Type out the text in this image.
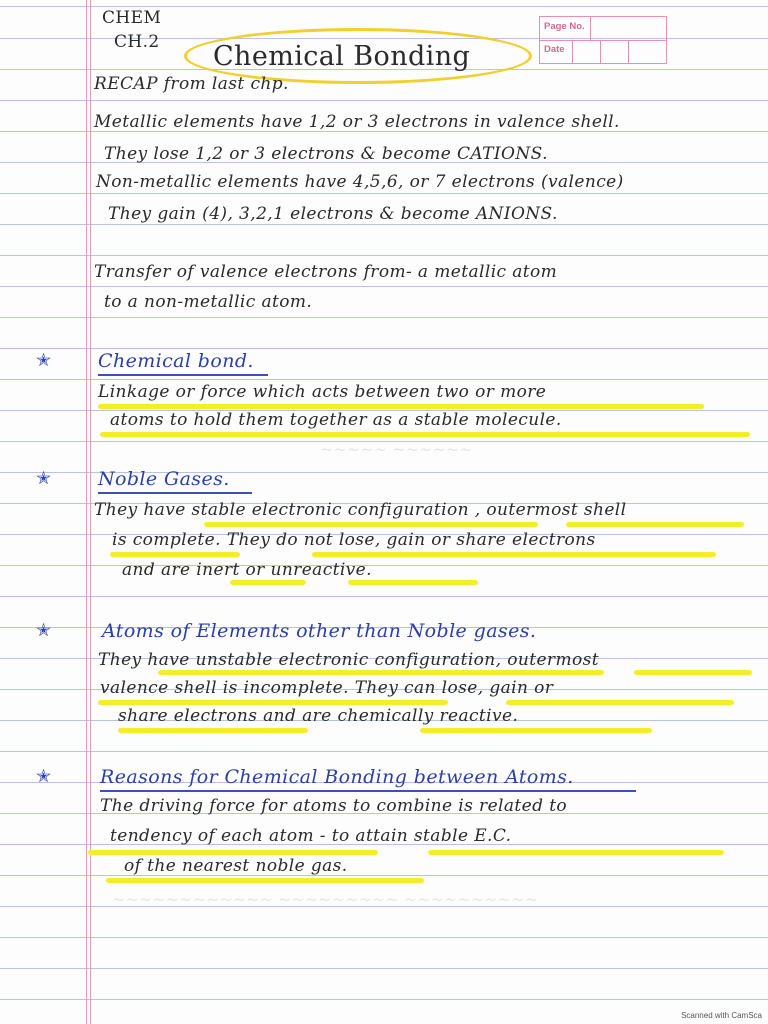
CHEM
CH.2 Chemical Bonding
Page No.
Date
RECAP from last chp.
Metallic elements have 1,2 or 3 electrons in valence shell.
They lose 1,2 or 3 electrons & become CATIONS.
Non-metallic elements have 4,5,6, or 7 electrons (valence)
They gain (4), 3,2,1 electrons & become ANIONS.
Transfer of valence electrons from- a metallic atom
to a non-metallic atom.
✭ Chemical bond.
Linkage or force which acts between two or more
atoms to hold them together as a stable molecule.
~~~~~ ~~~~~~
✭ Noble Gases.
They have stable electronic configuration , outermost shell
is complete. They do not lose, gain or share electrons
and are inert or unreactive.
✭	Atoms of Elements other than Noble gases.
They have unstable electronic configuration, outermost
valence shell is incomplete. They can lose, gain or
share electrons and are chemically reactive.
✭	Reasons for Chemical Bonding between Atoms.
The driving force for atoms to combine is related to
tendency of each atom - to attain stable E.C.
of the nearest noble gas.
~~~~~~~~~~~~ ~~~~~~~~~ ~~~~~~~~~~
Scanned with CamSca
